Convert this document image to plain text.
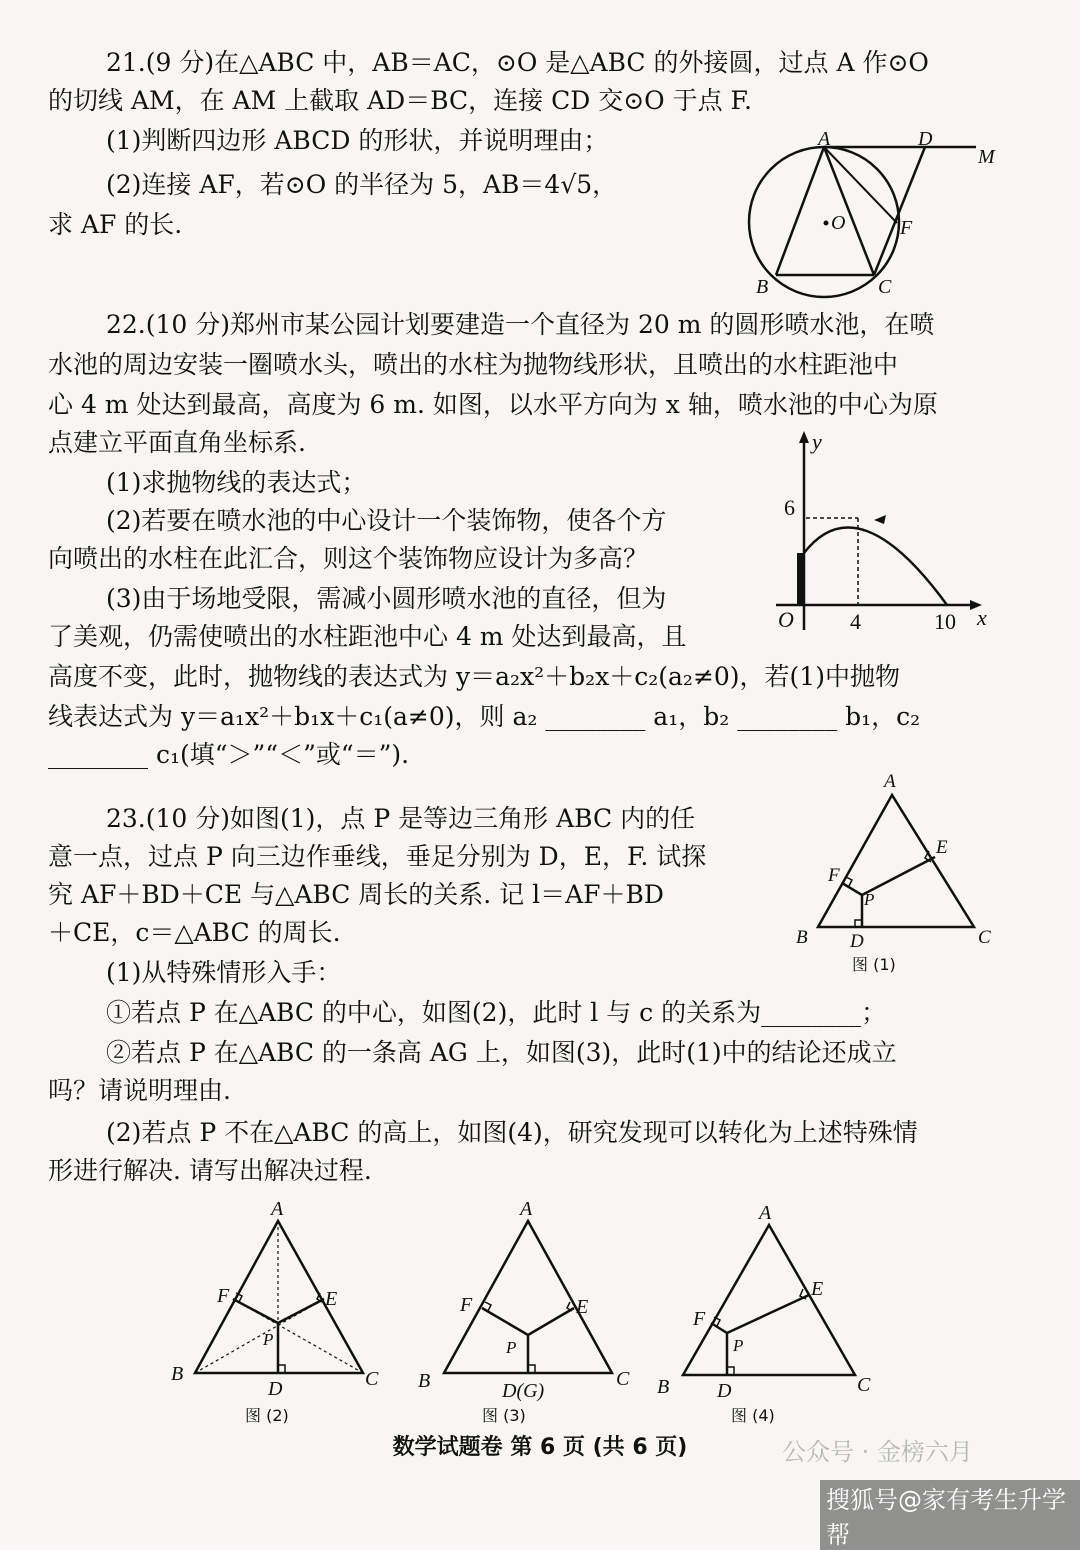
21.(9 分)在△ABC 中，AB＝AC，⊙O 是△ABC 的外接圆，过点 A 作⊙O
的切线 AM，在 AM 上截取 AD＝BC，连接 CD 交⊙O 于点 F.
(1)判断四边形 ABCD 的形状，并说明理由；
(2)连接 AF，若⊙O 的半径为 5，AB＝4√5，
求 AF 的长.
A	D
M
O	F
B	C
22.(10 分)郑州市某公园计划要建造一个直径为 20 m 的圆形喷水池，在喷
水池的周边安装一圈喷水头，喷出的水柱为抛物线形状，且喷出的水柱距池中
心 4 m 处达到最高，高度为 6 m. 如图，以水平方向为 x 轴，喷水池的中心为原
点建立平面直角坐标系.
(1)求抛物线的表达式；
(2)若要在喷水池的中心设计一个装饰物，使各个方
向喷出的水柱在此汇合，则这个装饰物应设计为多高？
(3)由于场地受限，需减小圆形喷水池的直径，但为
了美观，仍需使喷出的水柱距池中心 4 m 处达到最高，且
高度不变，此时，抛物线的表达式为 y＝a₂x²＋b₂x＋c₂(a₂≠0)，若(1)中抛物
线表达式为 y＝a₁x²＋b₁x＋c₁(a≠0)，则 a₂ ________ a₁，b₂ ________ b₁，c₂
________ c₁(填“＞”“＜”或“＝”).
y
x
O
6
4	10
23.(10 分)如图(1)，点 P 是等边三角形 ABC 内的任
意一点，过点 P 向三边作垂线，垂足分别为 D，E，F. 试探
究 AF＋BD＋CE 与△ABC 周长的关系. 记 l＝AF＋BD
＋CE，c＝△ABC 的周长.
(1)从特殊情形入手：
①若点 P 在△ABC 的中心，如图(2)，此时 l 与 c 的关系为________；
②若点 P 在△ABC 的一条高 AG 上，如图(3)，此时(1)中的结论还成立
吗？请说明理由.
(2)若点 P 不在△ABC 的高上，如图(4)，研究发现可以转化为上述特殊情
形进行解决. 请写出解决过程.
A
B	C
D
E
F
P
图 (1)
A
B	C
D
E
F
P
图 (2)
A
B	C
D(G)
E
F
P
图 (3)
A
B	C
D
E
F
P
图 (4)
数学试题卷 第 6 页 (共 6 页)	公众号 · 金榜六月
搜狐号@家有考生升学帮
